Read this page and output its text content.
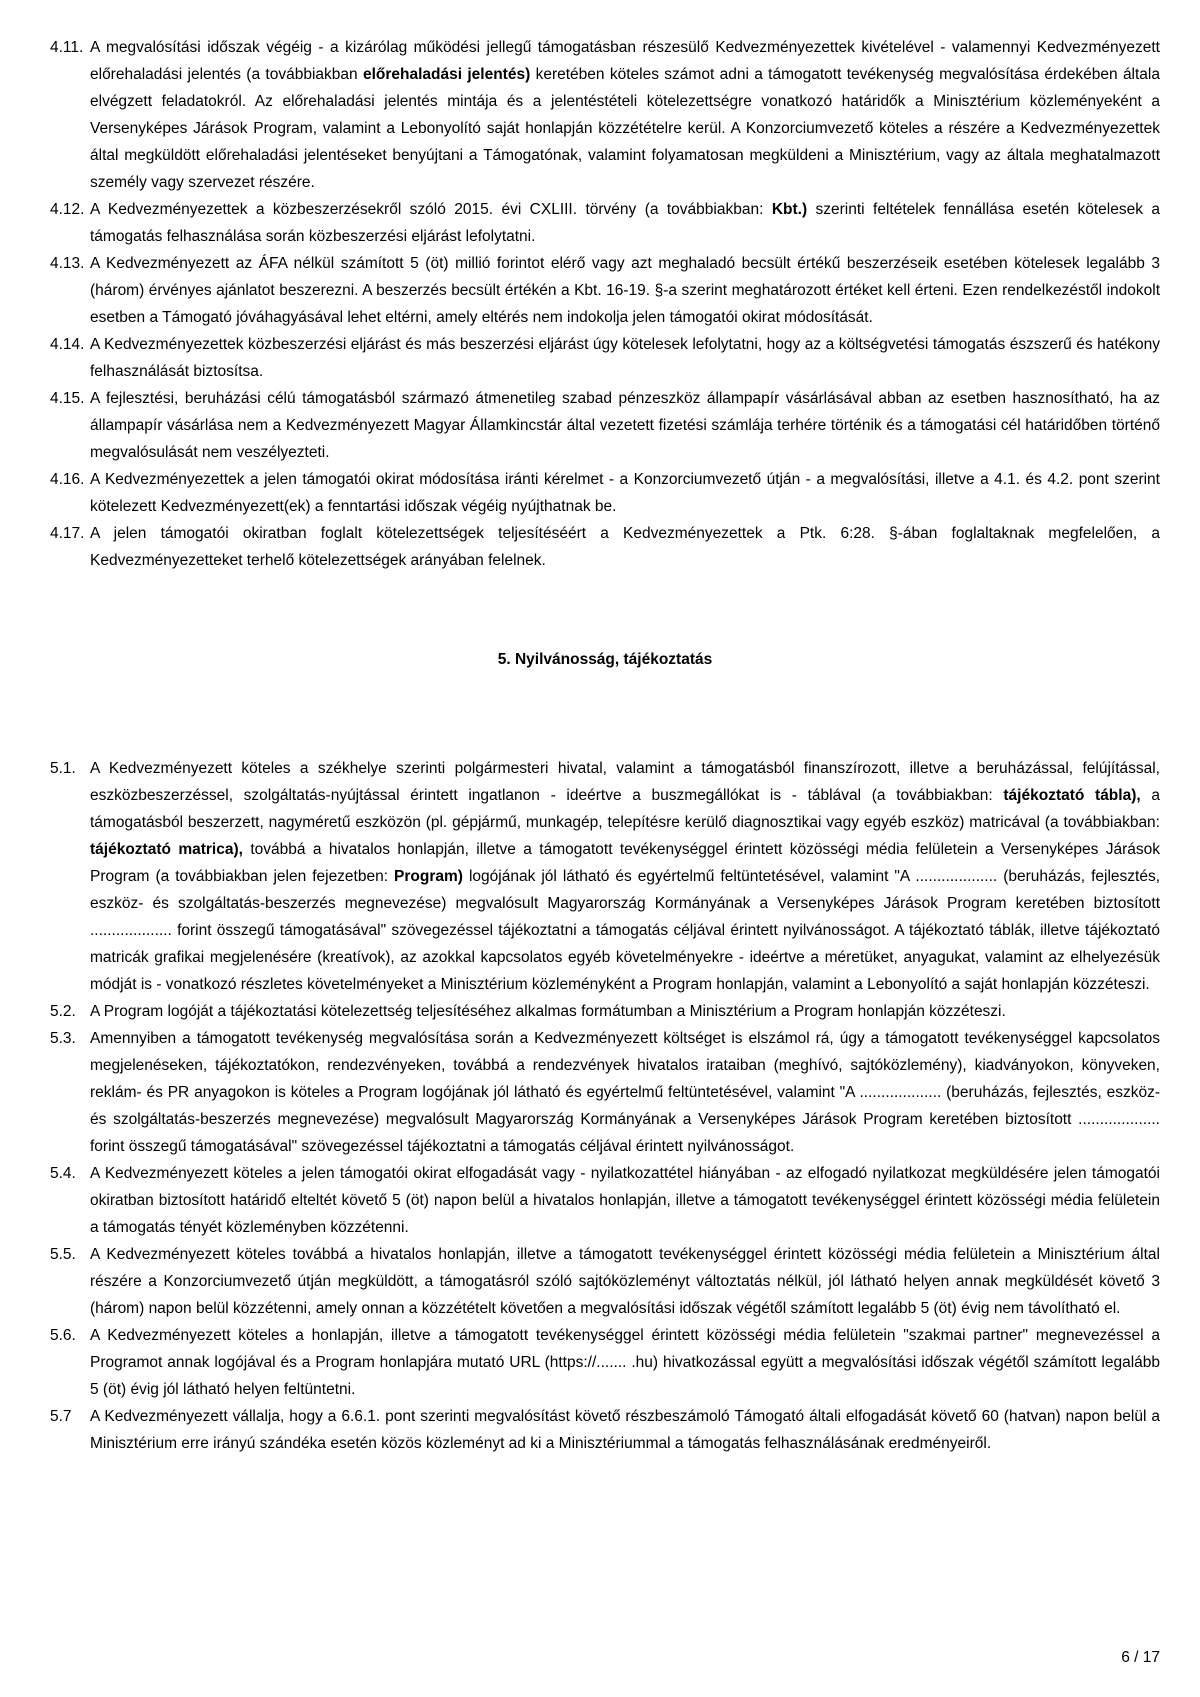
4.11. A megvalósítási időszak végéig - a kizárólag működési jellegű támogatásban részesülő Kedvezményezettek kivételével - valamennyi Kedvezményezett előrehaladási jelentés (a továbbiakban előrehaladási jelentés) keretében köteles számot adni a támogatott tevékenység megvalósítása érdekében általa elvégzett feladatokról. Az előrehaladási jelentés mintája és a jelentéstételi kötelezettségre vonatkozó határidők a Minisztérium közleményeként a Versenyképes Járások Program, valamint a Lebonyolító saját honlapján közzétételre kerül. A Konzorciumvezető köteles a részére a Kedvezményezettek által megküldött előrehaladási jelentéseket benyújtani a Támogatónak, valamint folyamatosan megküldeni a Minisztérium, vagy az általa meghatalmazott személy vagy szervezet részére.
4.12. A Kedvezményezettek a közbeszerzésekről szóló 2015. évi CXLIII. törvény (a továbbiakban: Kbt.) szerinti feltételek fennállása esetén kötelesek a támogatás felhasználása során közbeszerzési eljárást lefolytatni.
4.13. A Kedvezményezett az ÁFA nélkül számított 5 (öt) millió forintot elérő vagy azt meghaladó becsült értékű beszerzéseik esetében kötelesek legalább 3 (három) érvényes ajánlatot beszerezni. A beszerzés becsült értékén a Kbt. 16-19. §-a szerint meghatározott értéket kell érteni. Ezen rendelkezéstől indokolt esetben a Támogató jóváhagyásával lehet eltérni, amely eltérés nem indokolja jelen támogatói okirat módosítását.
4.14. A Kedvezményezettek közbeszerzési eljárást és más beszerzési eljárást úgy kötelesek lefolytatni, hogy az a költségvetési támogatás észszerű és hatékony felhasználását biztosítsa.
4.15. A fejlesztési, beruházási célú támogatásból származó átmenetileg szabad pénzeszköz állampapír vásárlásával abban az esetben hasznosítható, ha az állampapír vásárlása nem a Kedvezményezett Magyar Államkincstár által vezetett fizetési számlája terhére történik és a támogatási cél határidőben történő megvalósulását nem veszélyezteti.
4.16. A Kedvezményezettek a jelen támogatói okirat módosítása iránti kérelmet - a Konzorciumvezető útján - a megvalósítási, illetve a 4.1. és 4.2. pont szerint kötelezett Kedvezményezett(ek) a fenntartási időszak végéig nyújthatnak be.
4.17. A jelen támogatói okiratban foglalt kötelezettségek teljesítéséért a Kedvezményezettek a Ptk. 6:28. §-ában foglaltaknak megfelelően, a Kedvezményezetteket terhelő kötelezettségek arányában felelnek.
5. Nyilvánosság, tájékoztatás
5.1. A Kedvezményezett köteles a székhelye szerinti polgármesteri hivatal, valamint a támogatásból finanszírozott, illetve a beruházással, felújítással, eszközbeszerzéssel, szolgáltatás-nyújtással érintett ingatlanon - ideértve a buszmegállókat is - táblával (a továbbiakban: tájékoztató tábla), a támogatásból beszerzett, nagyméretű eszközön (pl. gépjármű, munkagép, telepítésre kerülő diagnosztikai vagy egyéb eszköz) matricával (a továbbiakban: tájékoztató matrica), továbbá a hivatalos honlapján, illetve a támogatott tevékenységgel érintett közösségi média felületein a Versenyképes Járások Program (a továbbiakban jelen fejezetben: Program) logójának jól látható és egyértelmű feltüntetésével, valamint "A ................... (beruházás, fejlesztés, eszköz- és szolgáltatás-beszerzés megnevezése) megvalósult Magyarország Kormányának a Versenyképes Járások Program keretében biztosított ................... forint összegű támogatásával" szövegezéssel tájékoztatni a támogatás céljával érintett nyilvánosságot. A tájékoztató táblák, illetve tájékoztató matricák grafikai megjelenésére (kreatívok), az azokkal kapcsolatos egyéb követelményekre - ideértve a méretüket, anyagukat, valamint az elhelyezésük módját is - vonatkozó részletes követelményeket a Minisztérium közleményként a Program honlapján, valamint a Lebonyolító a saját honlapján közzéteszi.
5.2. A Program logóját a tájékoztatási kötelezettség teljesítéséhez alkalmas formátumban a Minisztérium a Program honlapján közzéteszi.
5.3. Amennyiben a támogatott tevékenység megvalósítása során a Kedvezményezett költséget is elszámol rá, úgy a támogatott tevékenységgel kapcsolatos megjelenéseken, tájékoztatókon, rendezvényeken, továbbá a rendezvények hivatalos irataiban (meghívó, sajtóközlemény), kiadványokon, könyveken, reklám- és PR anyagokon is köteles a Program logójának jól látható és egyértelmű feltüntetésével, valamint "A ................... (beruházás, fejlesztés, eszköz- és szolgáltatás-beszerzés megnevezése) megvalósult Magyarország Kormányának a Versenyképes Járások Program keretében biztosított ................... forint összegű támogatásával" szövegezéssel tájékoztatni a támogatás céljával érintett nyilvánosságot.
5.4. A Kedvezményezett köteles a jelen támogatói okirat elfogadását vagy - nyilatkozattétel hiányában - az elfogadó nyilatkozat megküldésére jelen támogatói okiratban biztosított határidő elteltét követő 5 (öt) napon belül a hivatalos honlapján, illetve a támogatott tevékenységgel érintett közösségi média felületein a támogatás tényét közleményben közzétenni.
5.5. A Kedvezményezett köteles továbbá a hivatalos honlapján, illetve a támogatott tevékenységgel érintett közösségi média felületein a Minisztérium által részére a Konzorciumvezető útján megküldött, a támogatásról szóló sajtóközleményt változtatás nélkül, jól látható helyen annak megküldését követő 3 (három) napon belül közzétenni, amely onnan a közzétételt követően a megvalósítási időszak végétől számított legalább 5 (öt) évig nem távolítható el.
5.6. A Kedvezményezett köteles a honlapján, illetve a támogatott tevékenységgel érintett közösségi média felületein "szakmai partner" megnevezéssel a Programot annak logójával és a Program honlapjára mutató URL (https://....... .hu) hivatkozással együtt a megvalósítási időszak végétől számított legalább 5 (öt) évig jól látható helyen feltüntetni.
5.7	A Kedvezményezett vállalja, hogy a 6.6.1. pont szerinti megvalósítást követő részbeszámoló Támogató általi elfogadását követő 60 (hatvan) napon belül a Minisztérium erre irányú szándéka esetén közös közleményt ad ki a Minisztériummal a támogatás felhasználásának eredményeiről.
6 / 17
